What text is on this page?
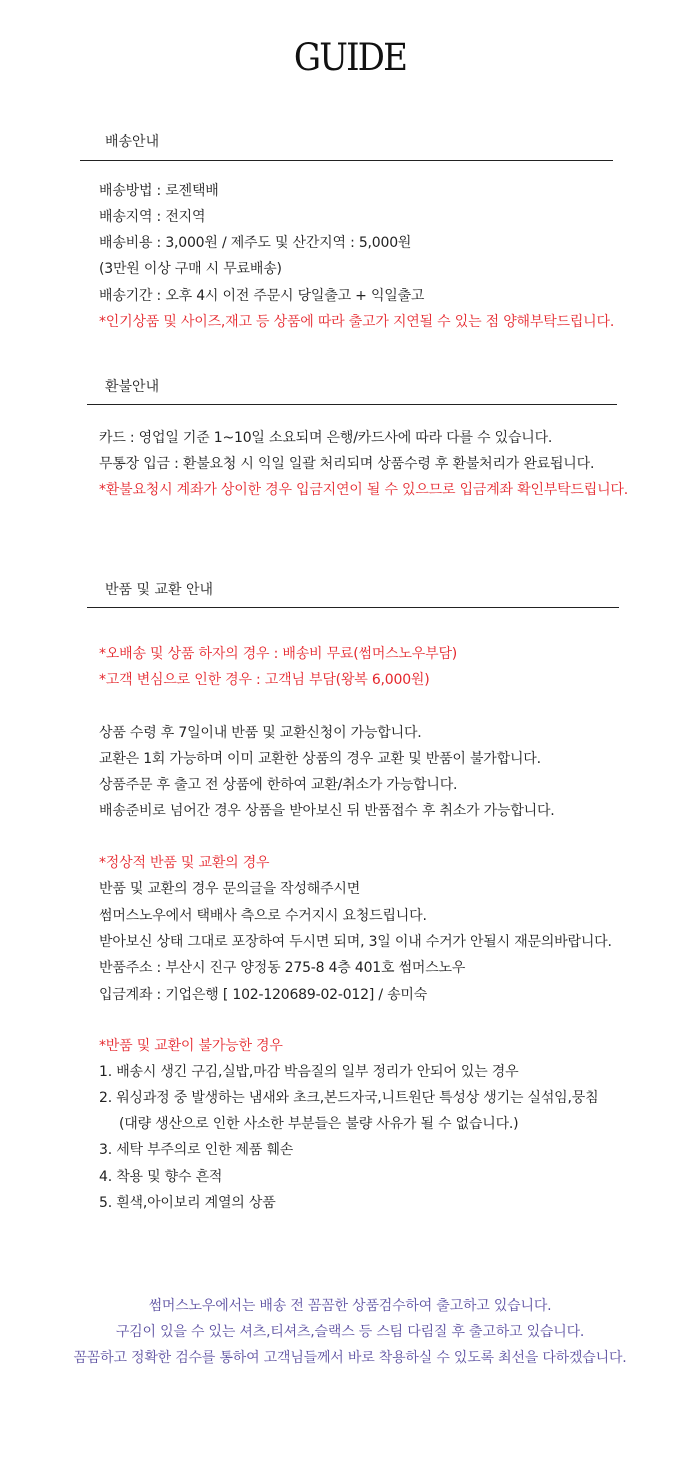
GUIDE
배송안내
배송방법 : 로젠택배
배송지역 : 전지역
배송비용 : 3,000원 / 제주도 및 산간지역 : 5,000원
(3만원 이상 구매 시 무료배송)
배송기간 : 오후 4시 이전 주문시 당일출고 + 익일출고
*인기상품 및 사이즈,재고 등 상품에 따라 출고가 지연될 수 있는 점 양해부탁드립니다.
환불안내
카드 : 영업일 기준 1~10일 소요되며 은행/카드사에 따라 다를 수 있습니다.
무통장 입금 : 환불요청 시 익일 일괄 처리되며 상품수령 후 환불처리가 완료됩니다.
*환불요청시 계좌가 상이한 경우 입금지연이 될 수 있으므로 입금계좌 확인부탁드립니다.
반품 및 교환 안내
*오배송 및 상품 하자의 경우 : 배송비 무료(썸머스노우부담)
*고객 변심으로 인한 경우 : 고객님 부담(왕복 6,000원)
상품 수령 후 7일이내 반품 및 교환신청이 가능합니다.
교환은 1회 가능하며 이미 교환한 상품의 경우 교환 및 반품이 불가합니다.
상품주문 후 출고 전 상품에 한하여 교환/취소가 가능합니다.
배송준비로 넘어간 경우 상품을 받아보신 뒤 반품접수 후 취소가 가능합니다.
*정상적 반품 및 교환의 경우
반품 및 교환의 경우 문의글을 작성해주시면
썸머스노우에서 택배사 측으로 수거지시 요청드립니다.
받아보신 상태 그대로 포장하여 두시면 되며, 3일 이내 수거가 안될시 재문의바랍니다.
반품주소 : 부산시 진구 양정동 275-8 4층 401호 썸머스노우
입금계좌 : 기업은행 [ 102-120689-02-012] / 송미숙
*반품 및 교환이 불가능한 경우
1. 배송시 생긴 구김,실밥,마감 박음질의 일부 정리가 안되어 있는 경우
2. 워싱과정 중 발생하는 냄새와 초크,본드자국,니트원단 특성상 생기는 실섞임,뭉침
(대량 생산으로 인한 사소한 부분들은 불량 사유가 될 수 없습니다.)
3. 세탁 부주의로 인한 제품 훼손
4. 착용 및 향수 흔적
5. 흰색,아이보리 계열의 상품
썸머스노우에서는 배송 전 꼼꼼한 상품검수하여 출고하고 있습니다.
구김이 있을 수 있는 셔츠,티셔츠,슬랙스 등 스팀 다림질 후 출고하고 있습니다.
꼼꼼하고 정확한 검수를 통하여 고객님들께서 바로 착용하실 수 있도록 최선을 다하겠습니다.
